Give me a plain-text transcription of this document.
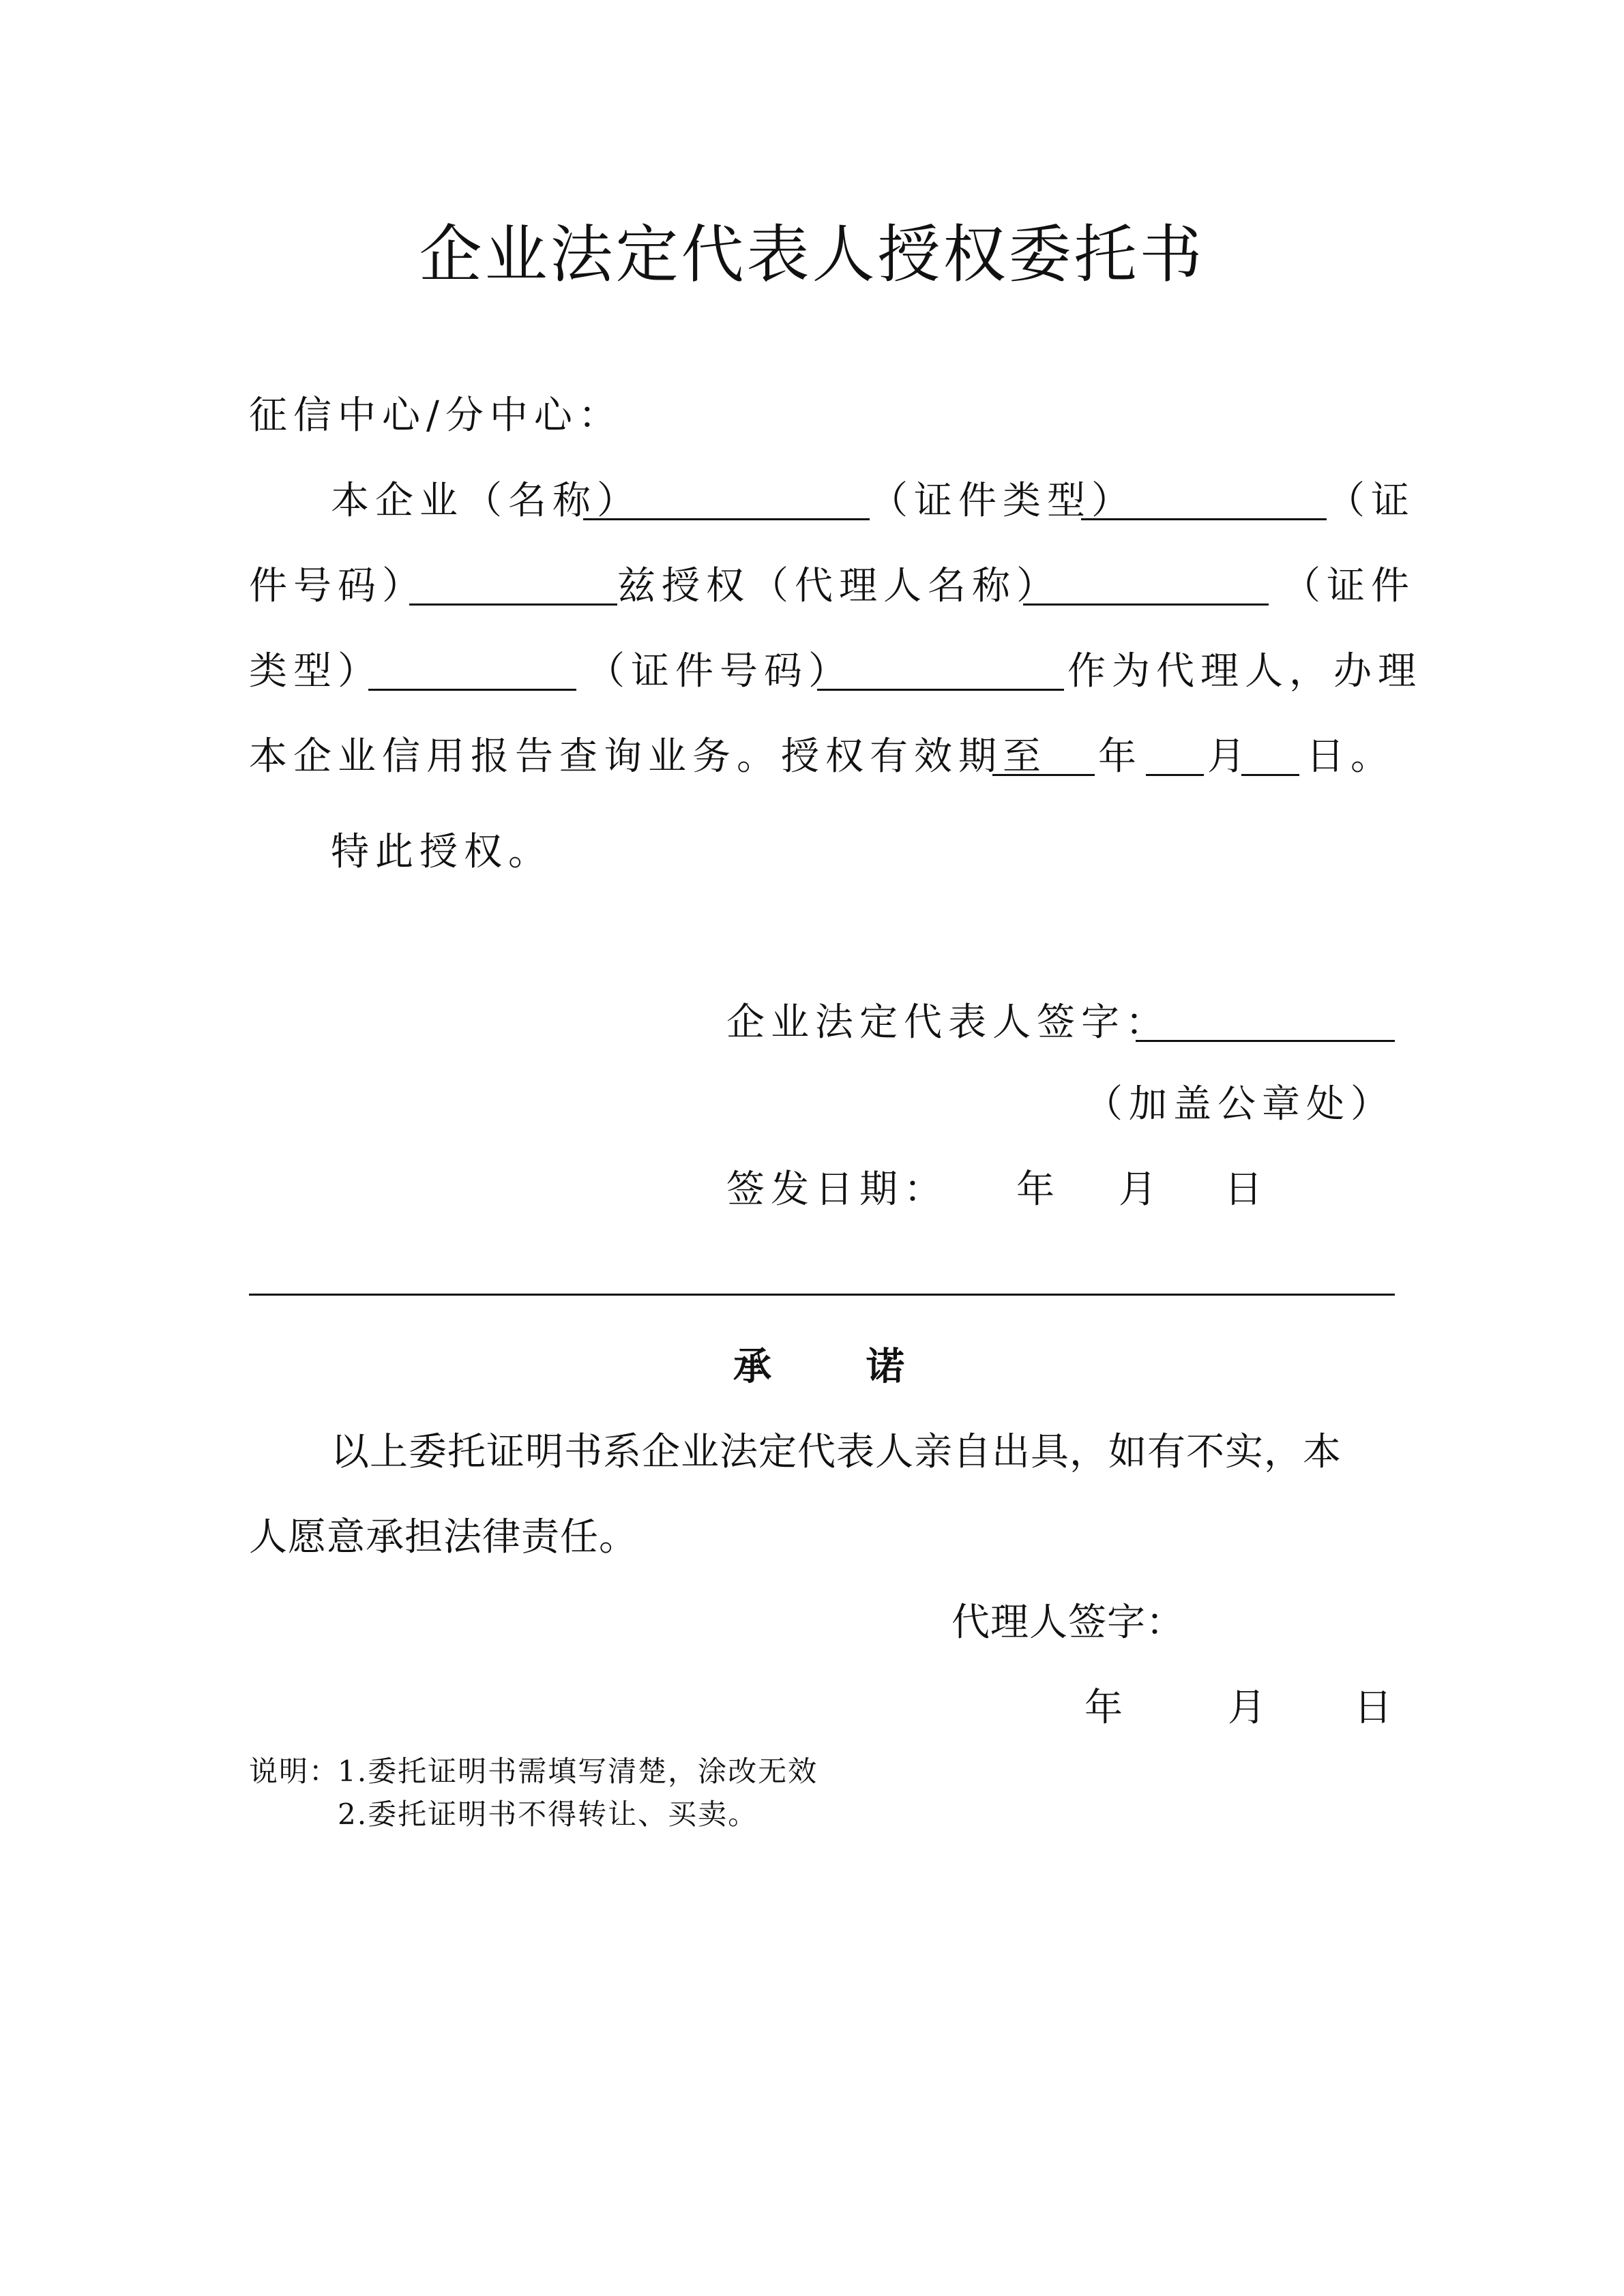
企业法定代表人授权委托书
征信中心/分中心：
本企业（名称）	（证件类型）	（证
件号码）	兹授权（代理人名称）	（证件
类型）	（证件号码）	作为代理人，办理
本企业信用报告查询业务。授权有效期至 年 月 日。
特此授权。
企业法定代表人签字：
（加盖公章处）
签发日期： 年 月 日
承 诺
以上委托证明书系企业法定代表人亲自出具，如有不实，本
人愿意承担法律责任。
代理人签字：
年	月 日
说明：
1.委托证明书需填写清楚，涂改无效
2.委托证明书不得转让、买卖。
